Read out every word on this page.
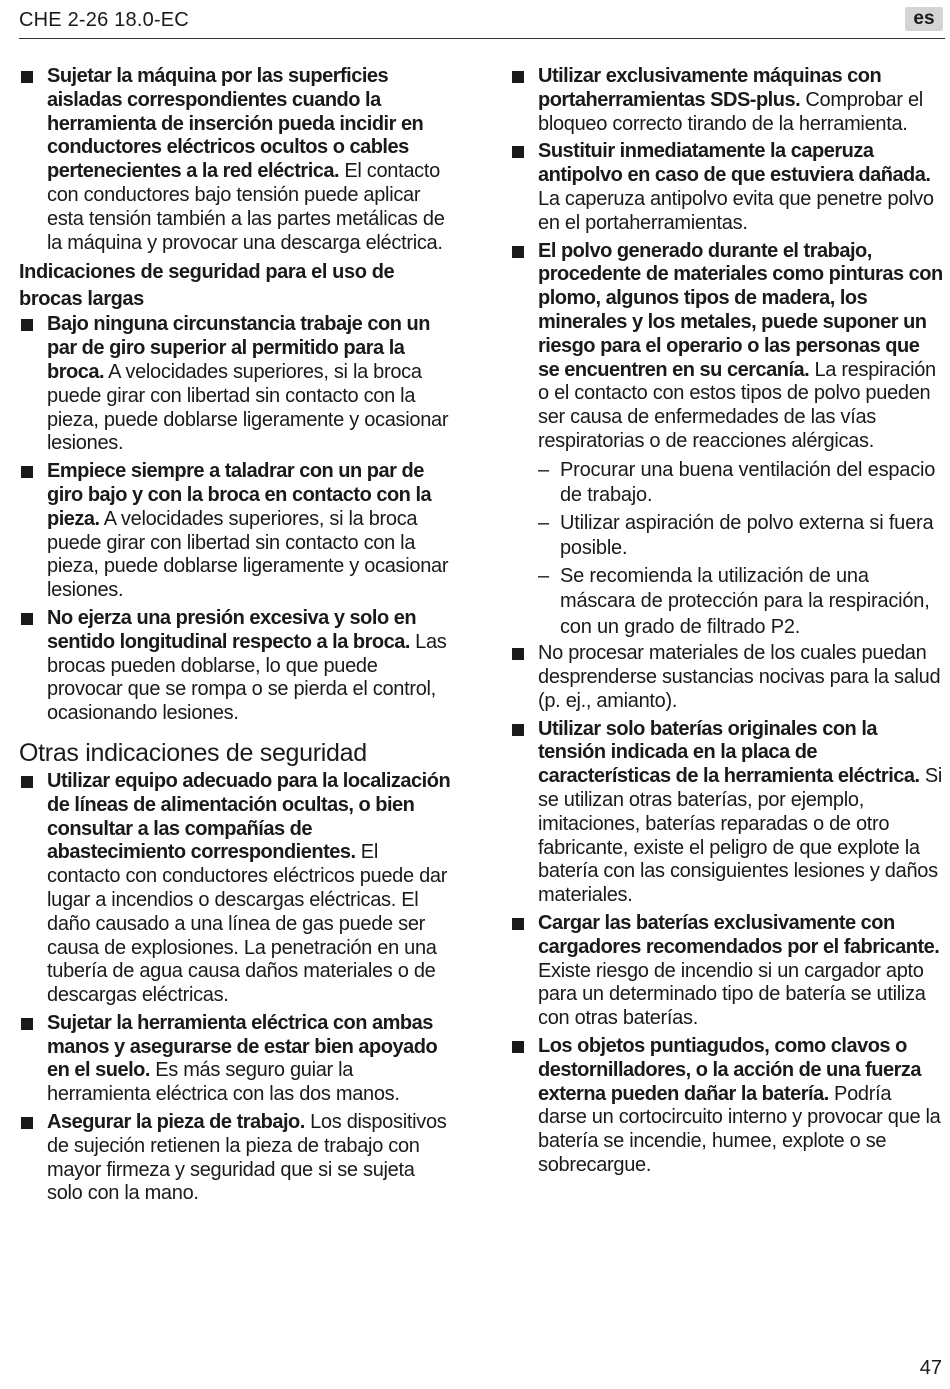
CHE 2-26 18.0-EC	es
Sujetar la máquina por las superficies aisladas correspondientes cuando la herramienta de inserción pueda incidir en conductores eléctricos ocultos o cables pertenecientes a la red eléctrica. El contacto con conductores bajo tensión puede aplicar esta tensión también a las partes metálicas de la máquina y provocar una descarga eléctrica.
Indicaciones de seguridad para el uso de brocas largas
Bajo ninguna circunstancia trabaje con un par de giro superior al permitido para la broca. A velocidades superiores, si la broca puede girar con libertad sin contacto con la pieza, puede doblarse ligeramente y ocasionar lesiones.
Empiece siempre a taladrar con un par de giro bajo y con la broca en contacto con la pieza. A velocidades superiores, si la broca puede girar con libertad sin contacto con la pieza, puede doblarse ligeramente y ocasionar lesiones.
No ejerza una presión excesiva y solo en sentido longitudinal respecto a la broca. Las brocas pueden doblarse, lo que puede provocar que se rompa o se pierda el control, ocasionando lesiones.
Otras indicaciones de seguridad
Utilizar equipo adecuado para la localización de líneas de alimentación ocultas, o bien consultar a las compañías de abastecimiento correspondientes. El contacto con conductores eléctricos puede dar lugar a incendios o descargas eléctricas. El daño causado a una línea de gas puede ser causa de explosiones. La penetración en una tubería de agua causa daños materiales o de descargas eléctricas.
Sujetar la herramienta eléctrica con ambas manos y asegurarse de estar bien apoyado en el suelo. Es más seguro guiar la herramienta eléctrica con las dos manos.
Asegurar la pieza de trabajo. Los dispositivos de sujeción retienen la pieza de trabajo con mayor firmeza y seguridad que si se sujeta solo con la mano.
Utilizar exclusivamente máquinas con portaherramientas SDS-plus. Comprobar el bloqueo correcto tirando de la herramienta.
Sustituir inmediatamente la caperuza antipolvo en caso de que estuviera dañada. La caperuza antipolvo evita que penetre polvo en el portaherramientas.
El polvo generado durante el trabajo, procedente de materiales como pinturas con plomo, algunos tipos de madera, los minerales y los metales, puede suponer un riesgo para el operario o las personas que se encuentren en su cercanía. La respiración o el contacto con estos tipos de polvo pueden ser causa de enfermedades de las vías respiratorias o de reacciones alérgicas.
– Procurar una buena ventilación del espacio de trabajo.
– Utilizar aspiración de polvo externa si fuera posible.
– Se recomienda la utilización de una máscara de protección para la respiración, con un grado de filtrado P2.
No procesar materiales de los cuales puedan desprenderse sustancias nocivas para la salud (p. ej., amianto).
Utilizar solo baterías originales con la tensión indicada en la placa de características de la herramienta eléctrica. Si se utilizan otras baterías, por ejemplo, imitaciones, baterías reparadas o de otro fabricante, existe el peligro de que explote la batería con las consiguientes lesiones y daños materiales.
Cargar las baterías exclusivamente con cargadores recomendados por el fabricante. Existe riesgo de incendio si un cargador apto para un determinado tipo de batería se utiliza con otras baterías.
Los objetos puntiagudos, como clavos o destornilladores, o la acción de una fuerza externa pueden dañar la batería. Podría darse un cortocircuito interno y provocar que la batería se incendie, humee, explote o se sobrecargue.
47
